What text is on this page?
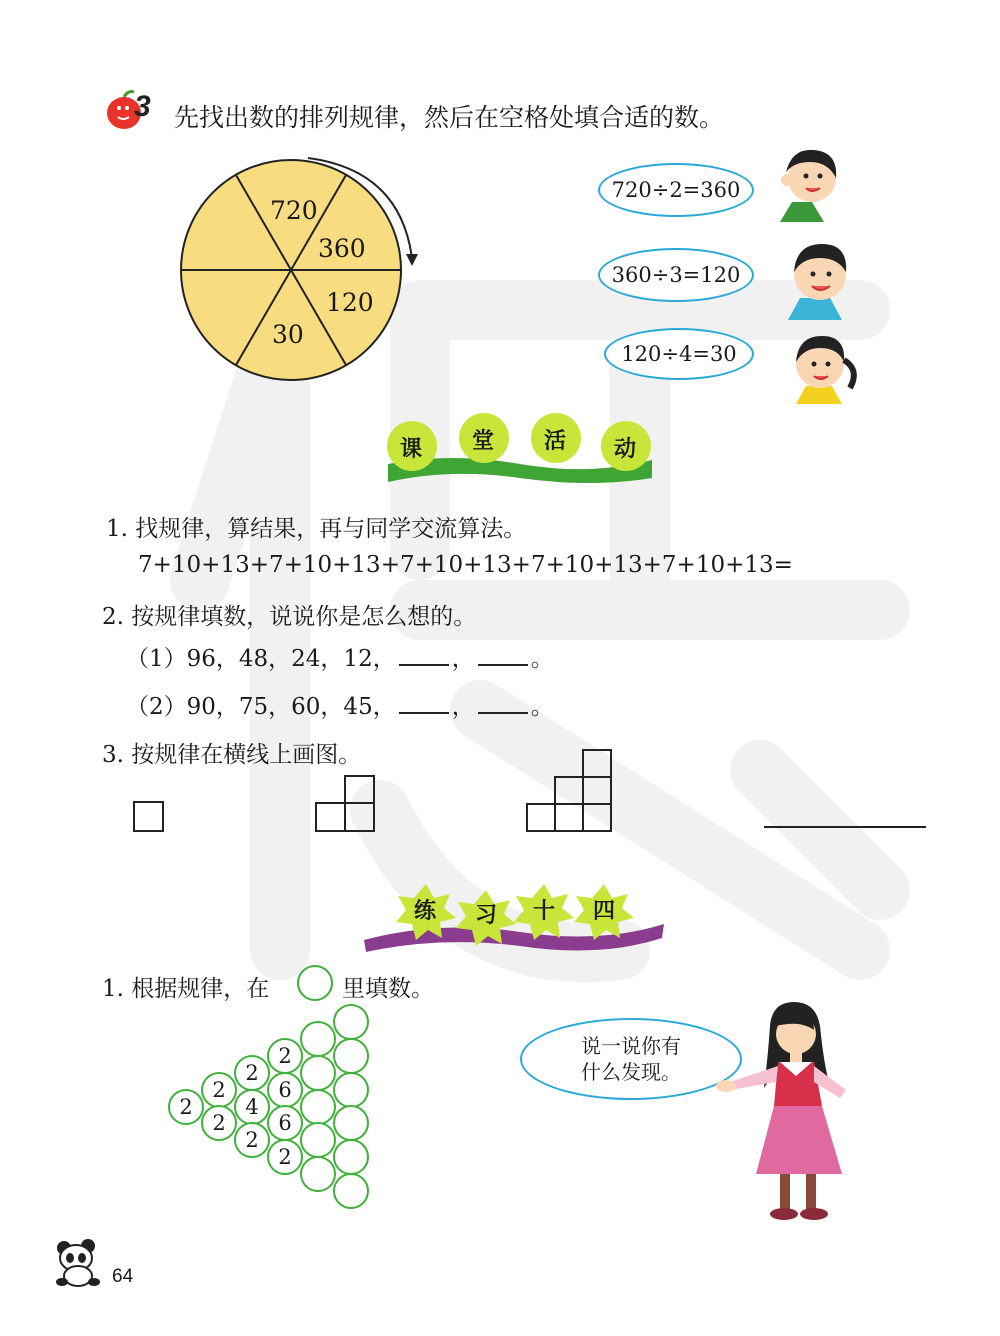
3 先找出数的排列规律，然后在空格处填合适的数。
720
360
120
30
720÷2=360
360÷3=120
120÷4=30
课 堂 活 动
1. 找规律，算结果，再与同学交流算法。
7+10+13+7+10+13+7+10+13+7+10+13+7+10+13=
2. 按规律填数，说说你是怎么想的。
（1）96，48，24，12， ， 。
（2）90，75，60，45， ， 。
3. 按规律在横线上画图。
练 习 十 四
1. 根据规律，在	里填数。
2
2
2
2
4
2
2
6
6
2
说一说你有
什么发现。
64
